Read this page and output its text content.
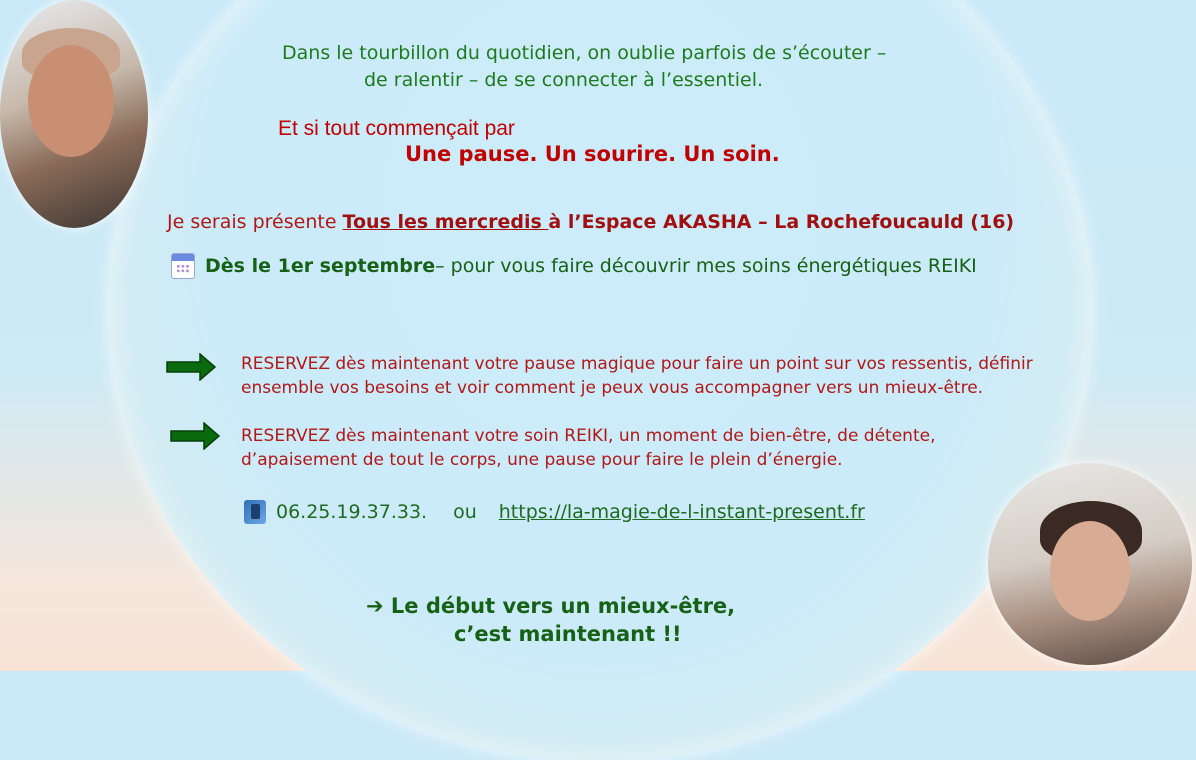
Dans le tourbillon du quotidien, on oublie parfois de s’écouter –
de ralentir – de se connecter à l’essentiel.
Et si tout commençait par
Une pause. Un sourire. Un soin.
Je serais présente Tous les mercredis à l’Espace AKASHA – La Rochefoucauld (16)
Dès le 1er septembre – pour vous faire découvrir mes soins énergétiques REIKI
RESERVEZ dès maintenant votre pause magique pour faire un point sur vos ressentis, définir
ensemble vos besoins et voir comment je peux vous accompagner vers un mieux-être.
RESERVEZ dès maintenant votre soin REIKI, un moment de bien-être, de détente,
d’apaisement de tout le corps, une pause pour faire le plein d’énergie.
06.25.19.37.33. ou https://la-magie-de-l-instant-present.fr
➔ Le début vers un mieux-être,
c’est maintenant !!
